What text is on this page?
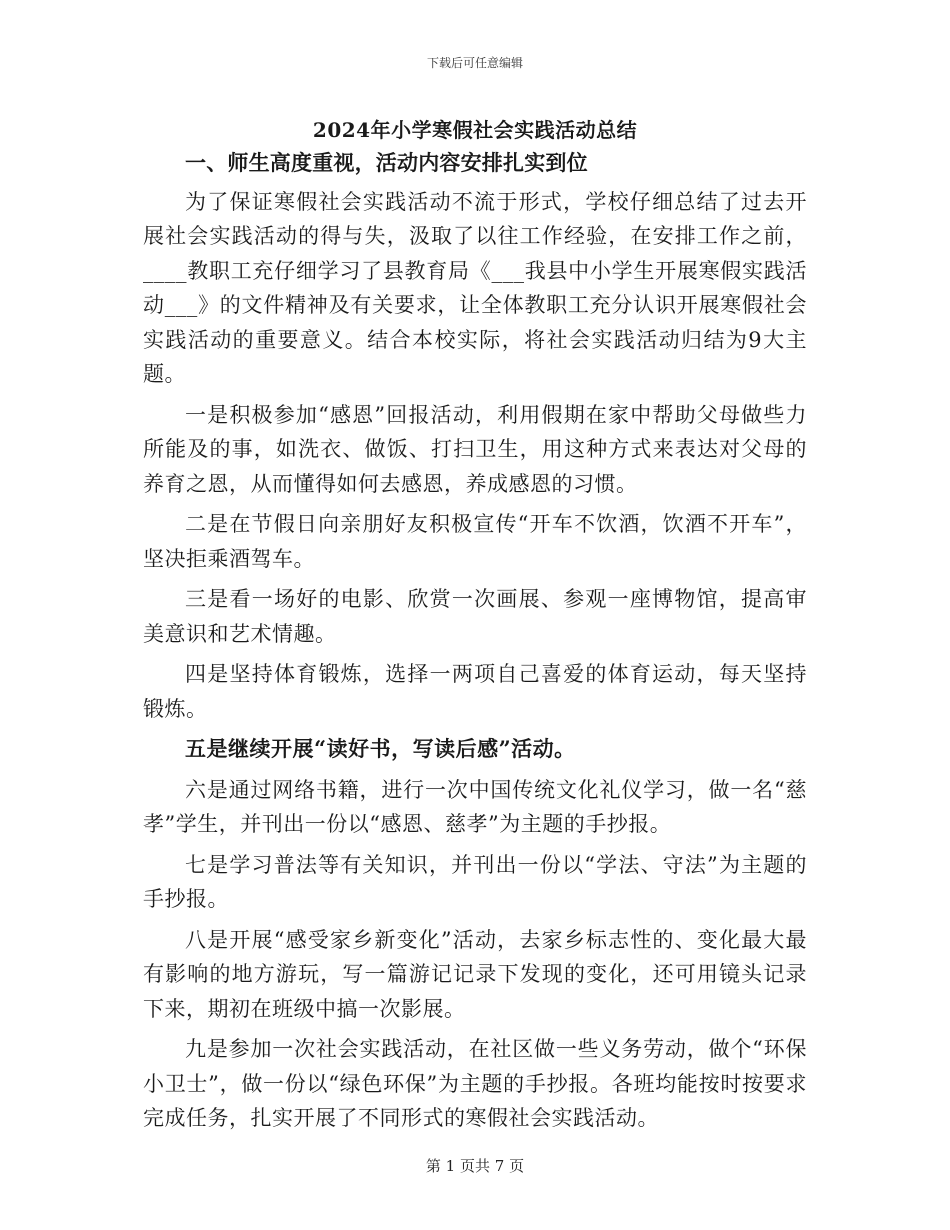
下载后可任意编辑
2024年小学寒假社会实践活动总结

一、师生高度重视，活动内容安排扎实到位

为了保证寒假社会实践活动不流于形式，学校仔细总结了过去开展社会实践活动的得与失，汲取了以往工作经验，在安排工作之前，____教职工充仔细学习了县教育局《___我县中小学生开展寒假实践活动___》的文件精神及有关要求，让全体教职工充分认识开展寒假社会实践活动的重要意义。结合本校实际，将社会实践活动归结为9大主题。

一是积极参加“感恩”回报活动，利用假期在家中帮助父母做些力所能及的事，如洗衣、做饭、打扫卫生，用这种方式来表达对父母的养育之恩，从而懂得如何去感恩，养成感恩的习惯。

二是在节假日向亲朋好友积极宣传“开车不饮酒，饮酒不开车”，坚决拒乘酒驾车。

三是看一场好的电影、欣赏一次画展、参观一座博物馆，提高审美意识和艺术情趣。

四是坚持体育锻炼，选择一两项自己喜爱的体育运动，每天坚持锻炼。

五是继续开展“读好书，写读后感”活动。

六是通过网络书籍，进行一次中国传统文化礼仪学习，做一名“慈孝”学生，并刊出一份以“感恩、慈孝”为主题的手抄报。

七是学习普法等有关知识，并刊出一份以“学法、守法”为主题的手抄报。

八是开展“感受家乡新变化”活动，去家乡标志性的、变化最大最有影响的地方游玩，写一篇游记记录下发现的变化，还可用镜头记录下来，期初在班级中搞一次影展。

九是参加一次社会实践活动，在社区做一些义务劳动，做个“环保小卫士”，做一份以“绿色环保”为主题的手抄报。各班均能按时按要求完成任务，扎实开展了不同形式的寒假社会实践活动。

第 1 页共 7 页
